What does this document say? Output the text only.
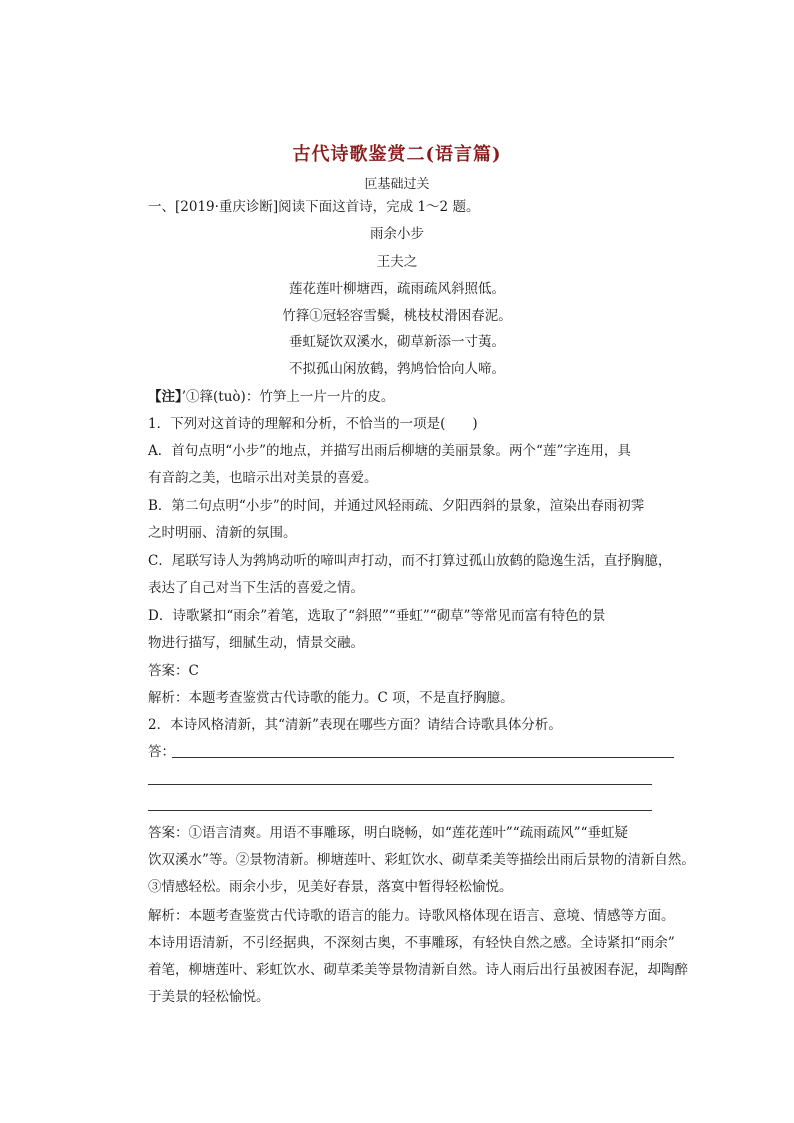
古代诗歌鉴赏二(语言篇)
叵基础过关
一、[2019·重庆诊断]阅读下面这首诗，完成 1～2 题。
雨余小步
王夫之
莲花莲叶柳塘西，疏雨疏风斜照低。
竹箨①冠轻容雪鬓，桃枝杖滑困春泥。
垂虹疑饮双溪水，砌草新添一寸荑。
不拟孤山闲放鹤，鹁鸠恰恰向人啼。
【注】’①箨(tuò)：竹笋上一片一片的皮。
1．下列对这首诗的理解和分析，不恰当的一项是(　　)
A．首句点明“小步”的地点，并描写出雨后柳塘的美丽景象。两个“莲”字连用，具
有音韵之美，也暗示出对美景的喜爱。
B．第二句点明“小步”的时间，并通过风轻雨疏、夕阳西斜的景象，渲染出春雨初霁
之时明丽、清新的氛围。
C．尾联写诗人为鹁鸠动听的啼叫声打动，而不打算过孤山放鹤的隐逸生活，直抒胸臆，
表达了自己对当下生活的喜爱之情。
D．诗歌紧扣“雨余”着笔，选取了“斜照”“垂虹”“砌草”等常见而富有特色的景
物进行描写，细腻生动，情景交融。
答案：C
解析：本题考查鉴赏古代诗歌的能力。C 项，不是直抒胸臆。
2．本诗风格清新，其“清新”表现在哪些方面？请结合诗歌具体分析。
答：
答案：①语言清爽。用语不事雕琢，明白晓畅，如“莲花莲叶”“疏雨疏风”“垂虹疑
饮双溪水”等。②景物清新。柳塘莲叶、彩虹饮水、砌草柔美等描绘出雨后景物的清新自然。
③情感轻松。雨余小步，见美好春景，落寞中暂得轻松愉悦。
解析：本题考查鉴赏古代诗歌的语言的能力。诗歌风格体现在语言、意境、情感等方面。
本诗用语清新，不引经据典，不深刻古奥，不事雕琢，有轻快自然之感。全诗紧扣“雨余”
着笔，柳塘莲叶、彩虹饮水、砌草柔美等景物清新自然。诗人雨后出行虽被困春泥，却陶醉
于美景的轻松愉悦。
